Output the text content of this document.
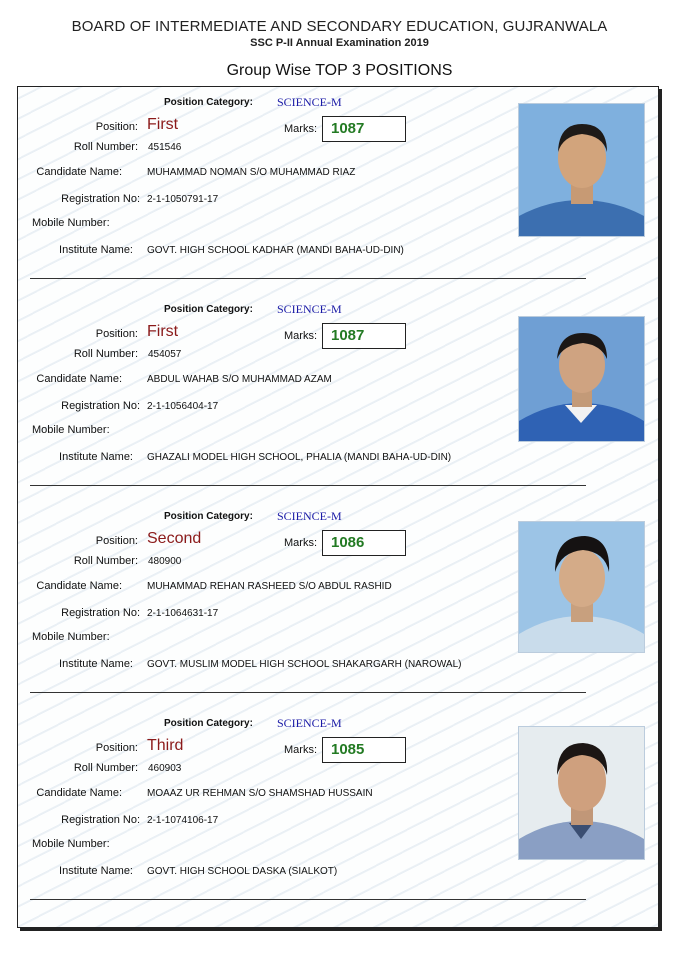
BOARD OF INTERMEDIATE AND SECONDARY EDUCATION, GUJRANWALA
SSC P-II Annual Examination 2019
Group Wise TOP 3 POSITIONS
Position Category: SCIENCE-M
Position: First	Marks: 1087
Roll Number: 451546
Candidate Name:	MUHAMMAD NOMAN S/O MUHAMMAD RIAZ
Registration No: 2-1-1050791-17
Mobile Number:
Institute Name: GOVT. HIGH SCHOOL KADHAR (MANDI BAHA-UD-DIN)
Position Category: SCIENCE-M
Position: First	Marks: 1087
Roll Number: 454057
Candidate Name:	ABDUL WAHAB S/O MUHAMMAD AZAM
Registration No: 2-1-1056404-17
Mobile Number:
Institute Name: GHAZALI MODEL HIGH SCHOOL, PHALIA (MANDI BAHA-UD-DIN)
Position Category: SCIENCE-M
Position: Second	Marks: 1086
Roll Number: 480900
Candidate Name:	MUHAMMAD REHAN RASHEED S/O ABDUL RASHID
Registration No: 2-1-1064631-17
Mobile Number:
Institute Name: GOVT. MUSLIM MODEL HIGH SCHOOL SHAKARGARH (NAROWAL)
Position Category: SCIENCE-M
Position: Third	Marks: 1085
Roll Number: 460903
Candidate Name:	MOAAZ UR REHMAN S/O SHAMSHAD HUSSAIN
Registration No: 2-1-1074106-17
Mobile Number:
Institute Name: GOVT. HIGH SCHOOL DASKA (SIALKOT)
